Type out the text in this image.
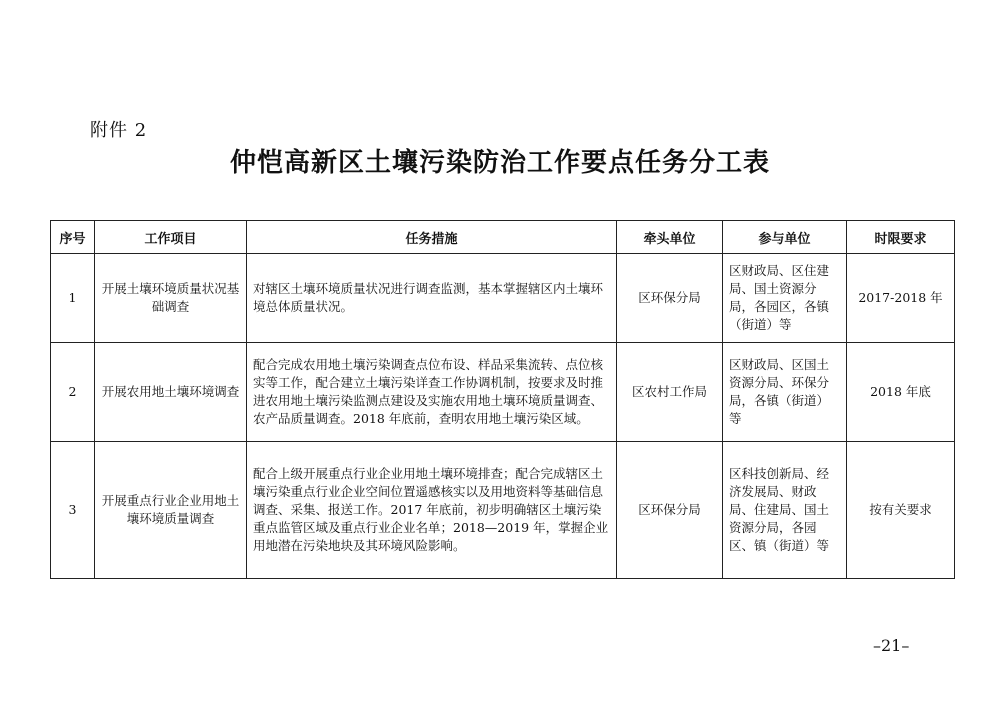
附件 2
仲恺高新区土壤污染防治工作要点任务分工表
序号	工作项目	任务措施	牵头单位	参与单位	时限要求
1	开展土壤环境质量状况基础调查	对辖区土壤环境质量状况进行调查监测，基本掌握辖区内土壤环境总体质量状况。	区环保分局	区财政局、区住建局、国土资源分局，各园区，各镇（街道）等	2017-2018 年
2	开展农用地土壤环境调查	配合完成农用地土壤污染调查点位布设、样品采集流转、点位核实等工作，配合建立土壤污染详查工作协调机制，按要求及时推进农用地土壤污染监测点建设及实施农用地土壤环境质量调查、农产品质量调查。2018 年底前，查明农用地土壤污染区域。	区农村工作局	区财政局、区国土资源分局、环保分局，各镇（街道）等	2018 年底
3	开展重点行业企业用地土壤环境质量调查	配合上级开展重点行业企业用地土壤环境排查；配合完成辖区土壤污染重点行业企业空间位置遥感核实以及用地资料等基础信息调查、采集、报送工作。2017 年底前，初步明确辖区土壤污染重点监管区域及重点行业企业名单；2018—2019 年，掌握企业用地潜在污染地块及其环境风险影响。	区环保分局	区科技创新局、经济发展局、财政局、住建局、国土资源分局，各园区、镇（街道）等	按有关要求
–21–
